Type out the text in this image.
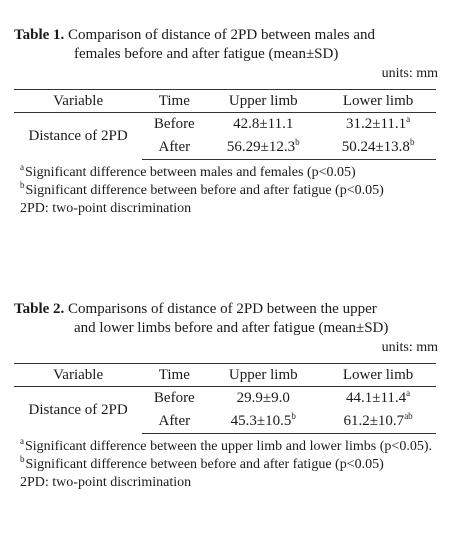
Table 1. Comparison of distance of 2PD between males and
females before and after fatigue (mean±SD)
units: mm
Variable	Time	Upper limb	Lower limb
Distance of 2PD	Before	42.8±11.1	31.2±11.1$^a$
	After	56.29±12.3$^b$	50.24±13.8$^b$
$^a$Significant difference between males and females (p<0.05)
$^b$Significant difference between before and after fatigue (p<0.05)
2PD: two-point discrimination
Table 2. Comparisons of distance of 2PD between the upper
and lower limbs before and after fatigue (mean±SD)
units: mm
Variable	Time	Upper limb	Lower limb
Distance of 2PD	Before	29.9±9.0	44.1±11.4$^a$
	After	45.3±10.5$^b$	61.2±10.7$^{ab}$
$^a$Significant difference between the upper limb and lower limbs (p<0.05). $^b$Significant difference between before and after fatigue (p<0.05)
2PD: two-point discrimination
